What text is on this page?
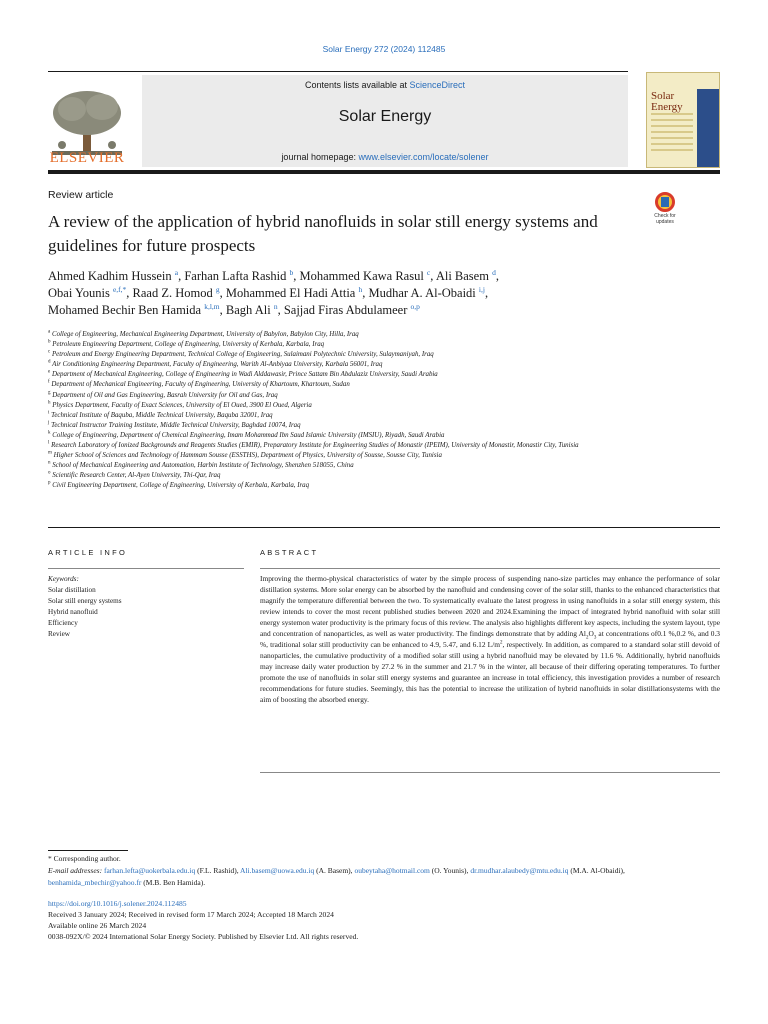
Solar Energy 272 (2024) 112485
ELSEVIER
Contents lists available at ScienceDirect
Solar Energy
journal homepage: www.elsevier.com/locate/solener
Solar
Energy
Review article
A review of the application of hybrid nanofluids in solar still energy systems and guidelines for future prospects
Check for
updates
Ahmed Kadhim Hussein $^a$, Farhan Lafta Rashid $^b$, Mohammed Kawa Rasul $^c$, Ali Basem $^d$,
Obai Younis $^{e,f,*}$, Raad Z. Homod $^g$, Mohammed El Hadi Attia $^h$, Mudhar A. Al-Obaidi $^{i,j}$,
Mohamed Bechir Ben Hamida $^{k,l,m}$, Bagh Ali $^n$, Sajjad Firas Abdulameer $^{o,p}$
$^a$ College of Engineering, Mechanical Engineering Department, University of Babylon, Babylon City, Hilla, Iraq
$^b$ Petroleum Engineering Department, College of Engineering, University of Kerbala, Karbala, Iraq
$^c$ Petroleum and Energy Engineering Department, Technical College of Engineering, Sulaimani Polytechnic University, Sulaymaniyah, Iraq
$^d$ Air Conditioning Engineering Department, Faculty of Engineering, Warith Al-Anbiyaa University, Karbala 56001, Iraq
$^e$ Department of Mechanical Engineering, College of Engineering in Wadi Alddawasir, Prince Sattam Bin Abdulaziz University, Saudi Arabia
$^f$ Department of Mechanical Engineering, Faculty of Engineering, University of Khartoum, Khartoum, Sudan
$^g$ Department of Oil and Gas Engineering, Basrah University for Oil and Gas, Iraq
$^h$ Physics Department, Faculty of Exact Sciences, University of El Oued, 3900 El Oued, Algeria
$^i$ Technical Institute of Baquba, Middle Technical University, Baquba 32001, Iraq
$^j$ Technical Instructor Training Institute, Middle Technical University, Baghdad 10074, Iraq
$^k$ College of Engineering, Department of Chemical Engineering, Imam Mohammad Ibn Saud Islamic University (IMSIU), Riyadh, Saudi Arabia
$^l$ Research Laboratory of Ionized Backgrounds and Reagents Studies (EMIR), Preparatory Institute for Engineering Studies of Monastir (IPEIM), University of Monastir, Monastir City, Tunisia
$^m$ Higher School of Sciences and Technology of Hammam Sousse (ESSTHS), Department of Physics, University of Sousse, Sousse City, Tunisia
$^n$ School of Mechanical Engineering and Automation, Harbin Institute of Technology, Shenzhen 518055, China
$^o$ Scientific Research Center, Al-Ayen University, Thi-Qar, Iraq
$^p$ Civil Engineering Department, College of Engineering, University of Kerbala, Karbala, Iraq
ARTICLE INFO	ABSTRACT
Keywords:
Solar distillation
Solar still energy systems
Hybrid nanofluid
Efficiency
Review
Improving the thermo-physical characteristics of water by the simple process of suspending nano-size particles may enhance the performance of solar distillation systems. More solar energy can be absorbed by the nanofluid and condensing cover of the solar still, thanks to the enhanced characteristics that magnify the temperature differential between the two. To systematically evaluate the latest progress in using nanofluids in a solar still energy system, this review intends to cover the most recent published studies between 2020 and 2024.Examining the impact of integrated hybrid nanofluid with solar still energy systemon water productivity is the primary focus of this review. The analysis also highlights different key aspects, including the system layout, type and concentration of nanoparticles, as well as water productivity. The findings demonstrate that by adding $Al_2O_3$ at concentrations of0.1 %,0.2 %, and 0.3 %, traditional solar still productivity can be enhanced to 4.9, 5.47, and 6.12 $L/m^2$, respectively. In addition, as compared to a standard solar still devoid of nanoparticles, the cumulative productivity of a modified solar still using a hybrid nanofluid may be elevated by 11.6 %. Additionally, hybrid nanofluids may increase daily water production by 27.2 % in the summer and 21.7 % in the winter, all because of their differing operating temperatures. To further promote the use of nanofluids in solar still energy systems and guarantee an increase in total efficiency, this investigation provides a number of research recommendations for future studies. Seemingly, this has the potential to increase the utilization of hybrid nanofluids in solar distillationsystems with the aim of boosting the absorbed energy.
* Corresponding author.
E-mail addresses: farhan.lefta@uokerbala.edu.iq (F.L. Rashid), Ali.basem@uowa.edu.iq (A. Basem), oubeytaha@hotmail.com (O. Younis), dr.mudhar.alaubedy@mtu.edu.iq (M.A. Al-Obaidi), benhamida_mbechir@yahoo.fr (M.B. Ben Hamida).
https://doi.org/10.1016/j.solener.2024.112485
Received 3 January 2024; Received in revised form 17 March 2024; Accepted 18 March 2024
Available online 26 March 2024
0038-092X/© 2024 International Solar Energy Society. Published by Elsevier Ltd. All rights reserved.
